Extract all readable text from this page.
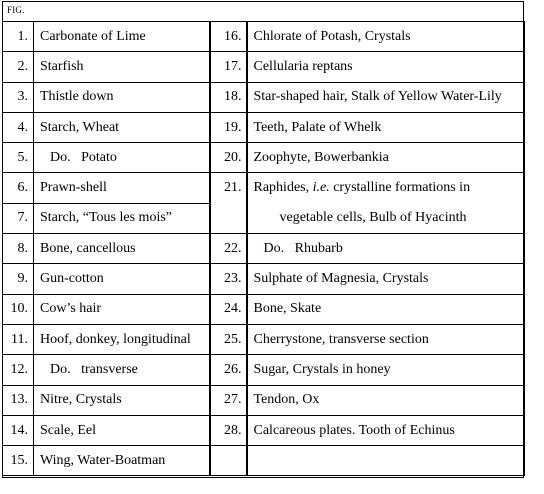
FIG.
1.	Carbonate of Lime	16.	Chlorate of Potash, Crystals
2.	Starfish	17.	Cellularia reptans
3.	Thistle down	18.	Star-shaped hair, Stalk of Yellow Water-Lily
4.	Starch, Wheat	19.	Teeth, Palate of Whelk
5.	Do.   Potato	20.	Zoophyte, Bowerbankia
6.	Prawn-shell	21.	Raphides, i.e. crystalline formations in
7.	Starch, “Tous les mois”		vegetable cells, Bulb of Hyacinth
8.	Bone, cancellous	22.	Do.   Rhubarb
9.	Gun-cotton	23.	Sulphate of Magnesia, Crystals
10.	Cow’s hair	24.	Bone, Skate
11.	Hoof, donkey, longitudinal	25.	Cherrystone, transverse section
12.	Do.   transverse	26.	Sugar, Crystals in honey
13.	Nitre, Crystals	27.	Tendon, Ox
14.	Scale, Eel	28.	Calcareous plates. Tooth of Echinus
15.	Wing, Water-Boatman		
